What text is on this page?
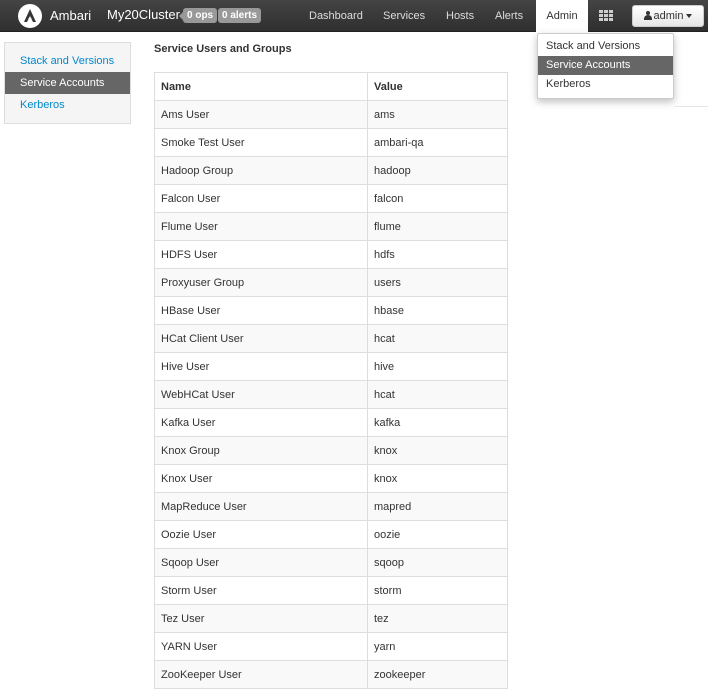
Ambari My20Cluster 0 ops 0 alerts	Dashboard Services Hosts Alerts	Admin	admin
Stack and Versions
Service Accounts
Kerberos
Service Users and Groups
Name	Value
Ams User	ams
Smoke Test User	ambari-qa
Hadoop Group	hadoop
Falcon User	falcon
Flume User	flume
HDFS User	hdfs
Proxyuser Group	users
HBase User	hbase
HCat Client User	hcat
Hive User	hive
WebHCat User	hcat
Kafka User	kafka
Knox Group	knox
Knox User	knox
MapReduce User	mapred
Oozie User	oozie
Sqoop User	sqoop
Storm User	storm
Tez User	tez
YARN User	yarn
ZooKeeper User	zookeeper
Stack and Versions
Service Accounts
Kerberos
